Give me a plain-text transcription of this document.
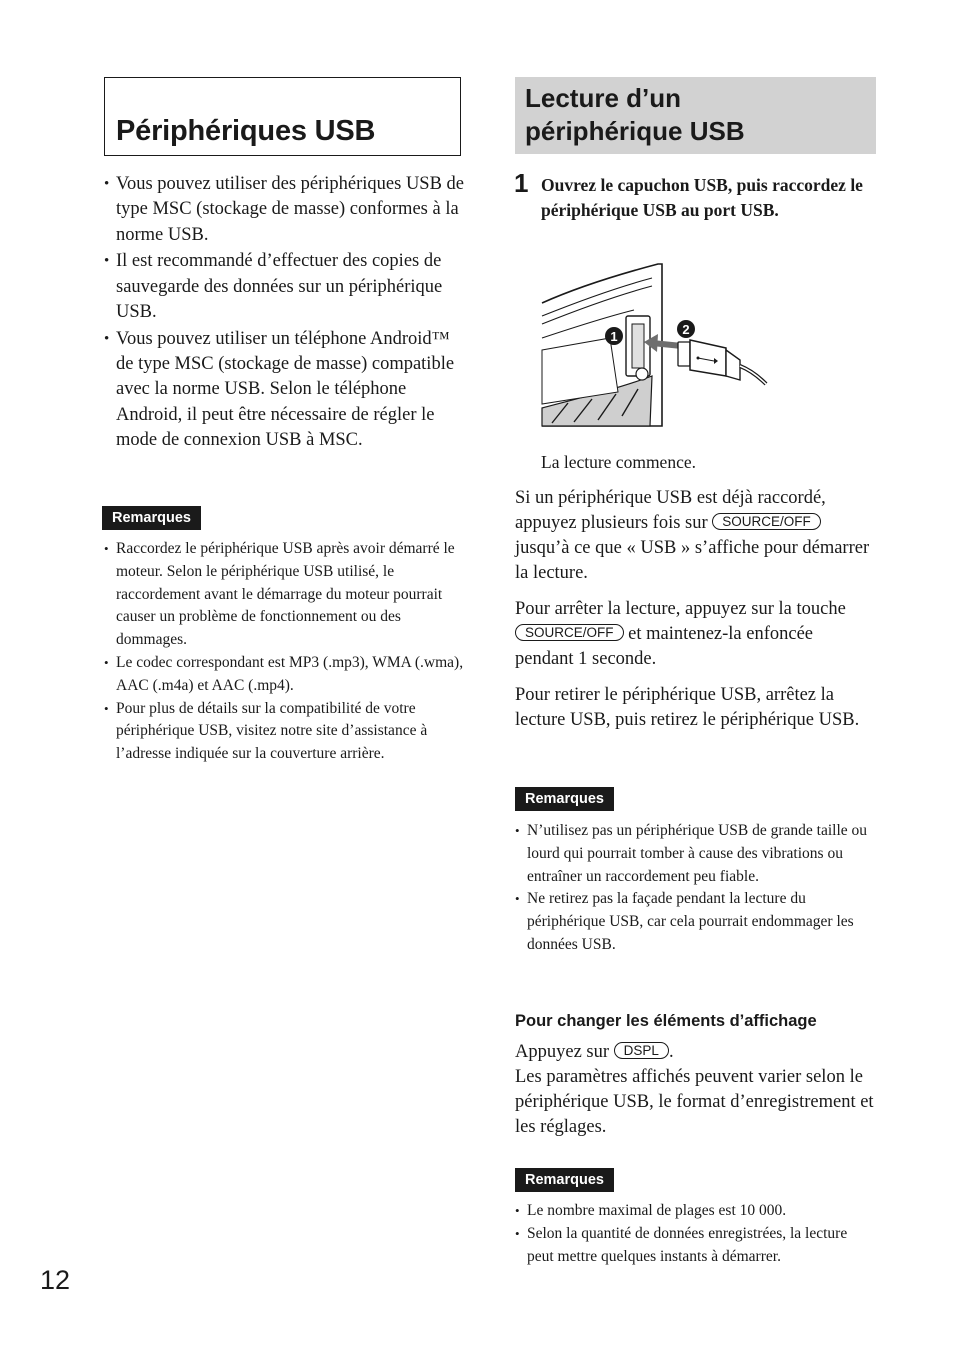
Périphériques USB
• Vous pouvez utiliser des périphériques USB de type MSC (stockage de masse) conformes à la norme USB.
• Il est recommandé d’effectuer des copies de sauvegarde des données sur un périphérique USB.
• Vous pouvez utiliser un téléphone Android™ de type MSC (stockage de masse) compatible avec la norme USB. Selon le téléphone Android, il peut être nécessaire de régler le mode de connexion USB à MSC.
Remarques
• Raccordez le périphérique USB après avoir démarré le moteur. Selon le périphérique USB utilisé, le raccordement avant le démarrage du moteur pourrait causer un problème de fonctionnement ou des dommages.
• Le codec correspondant est MP3 (.mp3), WMA (.wma), AAC (.m4a) et AAC (.mp4).
• Pour plus de détails sur la compatibilité de votre périphérique USB, visitez notre site d’assistance à l’adresse indiquée sur la couverture arrière.
Lecture d’un
périphérique USB
1 Ouvrez le capuchon USB, puis raccordez le périphérique USB au port USB.

1	2

La lecture commence.

Si un périphérique USB est déjà raccordé, appuyez plusieurs fois sur SOURCE/OFF jusqu’à ce que « USB » s’affiche pour démarrer la lecture.

Pour arrêter la lecture, appuyez sur la touche SOURCE/OFF et maintenez-la enfoncée pendant 1 seconde.

Pour retirer le périphérique USB, arrêtez la lecture USB, puis retirez le périphérique USB.

Remarques
• N’utilisez pas un périphérique USB de grande taille ou lourd qui pourrait tomber à cause des vibrations ou entraîner un raccordement peu fiable.
• Ne retirez pas la façade pendant la lecture du périphérique USB, car cela pourrait endommager les données USB.
Pour changer les éléments d’affichage

Appuyez sur DSPL .
Les paramètres affichés peuvent varier selon le périphérique USB, le format d’enregistrement et les réglages.

Remarques
• Le nombre maximal de plages est 10 000.
• Selon la quantité de données enregistrées, la lecture peut mettre quelques instants à démarrer.
12
